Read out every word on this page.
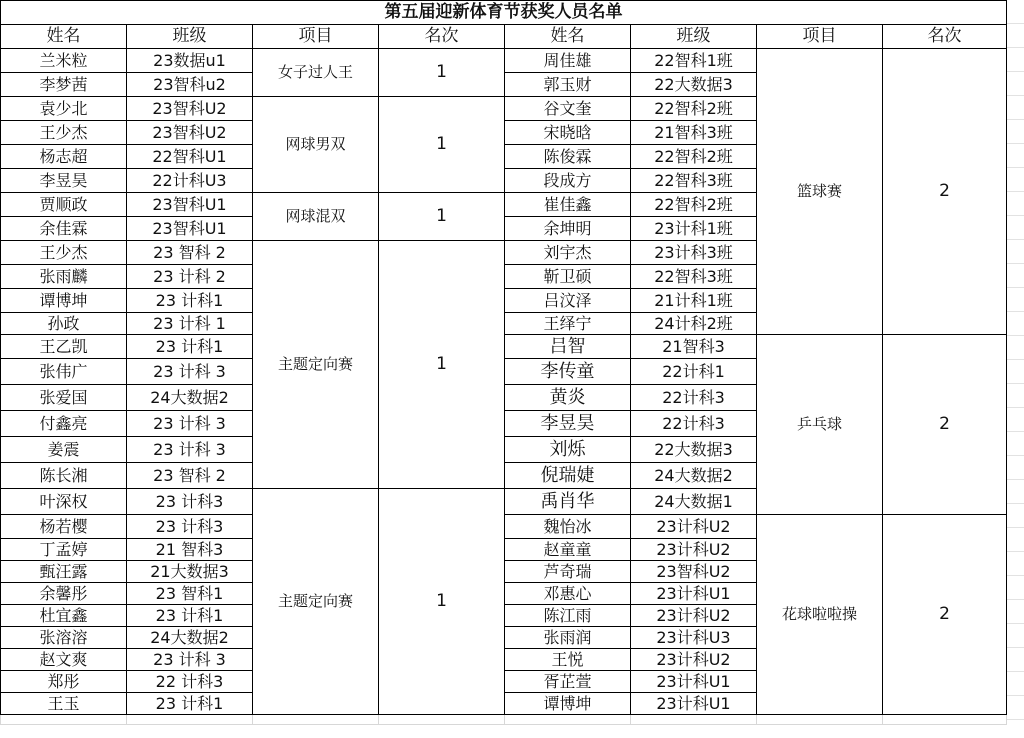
第五届迎新体育节获奖人员名单							
姓名	班级	项目	名次	姓名	班级	项目	名次
兰米粒	23数据u1	女子过人王	1	周佳雄	22智科1班	篮球赛	2
李梦茜	23智科u2			郭玉财	22大数据3		
袁少北	23智科U2	网球男双	1	谷文奎	22智科2班		
王少杰	23智科U2			宋晓晗	21智科3班		
杨志超	22智科U1			陈俊霖	22智科2班		
李昱昊	22计科U3			段成方	22智科3班		
贾顺政	23智科U1	网球混双	1	崔佳鑫	22智科2班		
余佳霖	23智科U1			余坤明	23计科1班		
王少杰	23 智科 2	主题定向赛	1	刘宇杰	23计科3班		
张雨麟	23 计科 2			靳卫硕	22智科3班		
谭博坤	23 计科1			吕汶泽	21计科1班		
孙政	23 计科 1			王绎宁	24计科2班		
王乙凯	23 计科1			吕智	21智科3	乒乓球	2
张伟广	23 计科 3			李传童	22计科1		
张爱国	24大数据2			黄炎	22计科3		
付鑫亮	23 计科 3			李昱昊	22计科3		
姜震	23 计科 3			刘烁	22大数据3		
陈长湘	23 智科 2			倪瑞婕	24大数据2		
叶深权	23 计科3	主题定向赛	1	禹肖华	24大数据1		
杨若樱	23 计科3			魏怡冰	23计科U2	花球啦啦操	2
丁孟婷	21 智科3			赵童童	23计科U2		
甄汪露	21大数据3			芦奇瑞	23智科U2		
余馨彤	23 智科1			邓惠心	23计科U1		
杜宜鑫	23 计科1			陈江雨	23计科U2		
张溶溶	24大数据2			张雨润	23计科U3		
赵文爽	23 计科 3			王悦	23计科U2		
郑彤	22 计科3			胥芷萱	23计科U1		
王玉	23 计科1			谭博坤	23计科U1		
